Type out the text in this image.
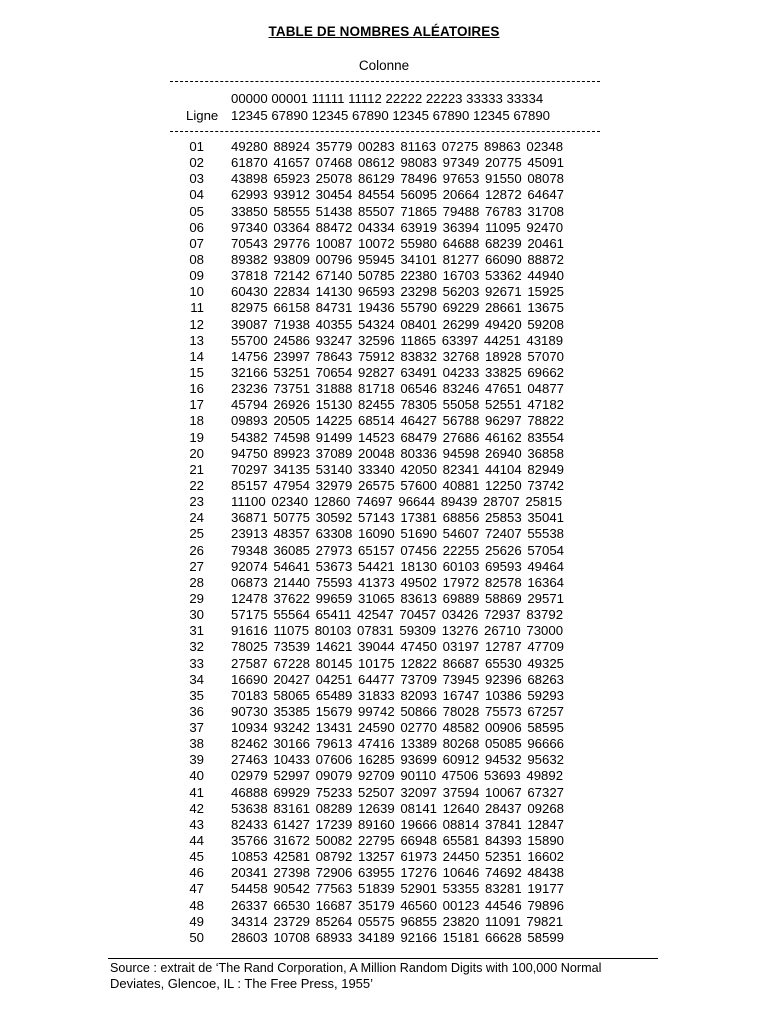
TABLE DE NOMBRES ALÉATOIRES
Colonne
00000 00001 11111 11112 22222 22223 33333 33334
Ligne 12345 67890 12345 67890 12345 67890 12345 67890
01 49280 88924 35779 00283 81163 07275 89863 02348
02 61870 41657 07468 08612 98083 97349 20775 45091
03 43898 65923 25078 86129 78496 97653 91550 08078
04 62993 93912 30454 84554 56095 20664 12872 64647
05 33850 58555 51438 85507 71865 79488 76783 31708
06 97340 03364 88472 04334 63919 36394 11095 92470
07 70543 29776 10087 10072 55980 64688 68239 20461
08 89382 93809 00796 95945 34101 81277 66090 88872
09 37818 72142 67140 50785 22380 16703 53362 44940
10 60430 22834 14130 96593 23298 56203 92671 15925
11 82975 66158 84731 19436 55790 69229 28661 13675
12 39087 71938 40355 54324 08401 26299 49420 59208
13 55700 24586 93247 32596 11865 63397 44251 43189
14 14756 23997 78643 75912 83832 32768 18928 57070
15 32166 53251 70654 92827 63491 04233 33825 69662
16 23236 73751 31888 81718 06546 83246 47651 04877
17 45794 26926 15130 82455 78305 55058 52551 47182
18 09893 20505 14225 68514 46427 56788 96297 78822
19 54382 74598 91499 14523 68479 27686 46162 83554
20 94750 89923 37089 20048 80336 94598 26940 36858
21 70297 34135 53140 33340 42050 82341 44104 82949
22 85157 47954 32979 26575 57600 40881 12250 73742
23 11100 02340 12860 74697 96644 89439 28707 25815
24 36871 50775 30592 57143 17381 68856 25853 35041
25 23913 48357 63308 16090 51690 54607 72407 55538
26 79348 36085 27973 65157 07456 22255 25626 57054
27 92074 54641 53673 54421 18130 60103 69593 49464
28 06873 21440 75593 41373 49502 17972 82578 16364
29 12478 37622 99659 31065 83613 69889 58869 29571
30 57175 55564 65411 42547 70457 03426 72937 83792
31 91616 11075 80103 07831 59309 13276 26710 73000
32 78025 73539 14621 39044 47450 03197 12787 47709
33 27587 67228 80145 10175 12822 86687 65530 49325
34 16690 20427 04251 64477 73709 73945 92396 68263
35 70183 58065 65489 31833 82093 16747 10386 59293
36 90730 35385 15679 99742 50866 78028 75573 67257
37 10934 93242 13431 24590 02770 48582 00906 58595
38 82462 30166 79613 47416 13389 80268 05085 96666
39 27463 10433 07606 16285 93699 60912 94532 95632
40 02979 52997 09079 92709 90110 47506 53693 49892
41 46888 69929 75233 52507 32097 37594 10067 67327
42 53638 83161 08289 12639 08141 12640 28437 09268
43 82433 61427 17239 89160 19666 08814 37841 12847
44 35766 31672 50082 22795 66948 65581 84393 15890
45 10853 42581 08792 13257 61973 24450 52351 16602
46 20341 27398 72906 63955 17276 10646 74692 48438
47 54458 90542 77563 51839 52901 53355 83281 19177
48 26337 66530 16687 35179 46560 00123 44546 79896
49 34314 23729 85264 05575 96855 23820 11091 79821
50 28603 10708 68933 34189 92166 15181 66628 58599
Source : extrait de ‘The Rand Corporation, A Million Random Digits with 100,000 Normal
Deviates, Glencoe, IL : The Free Press, 1955’
